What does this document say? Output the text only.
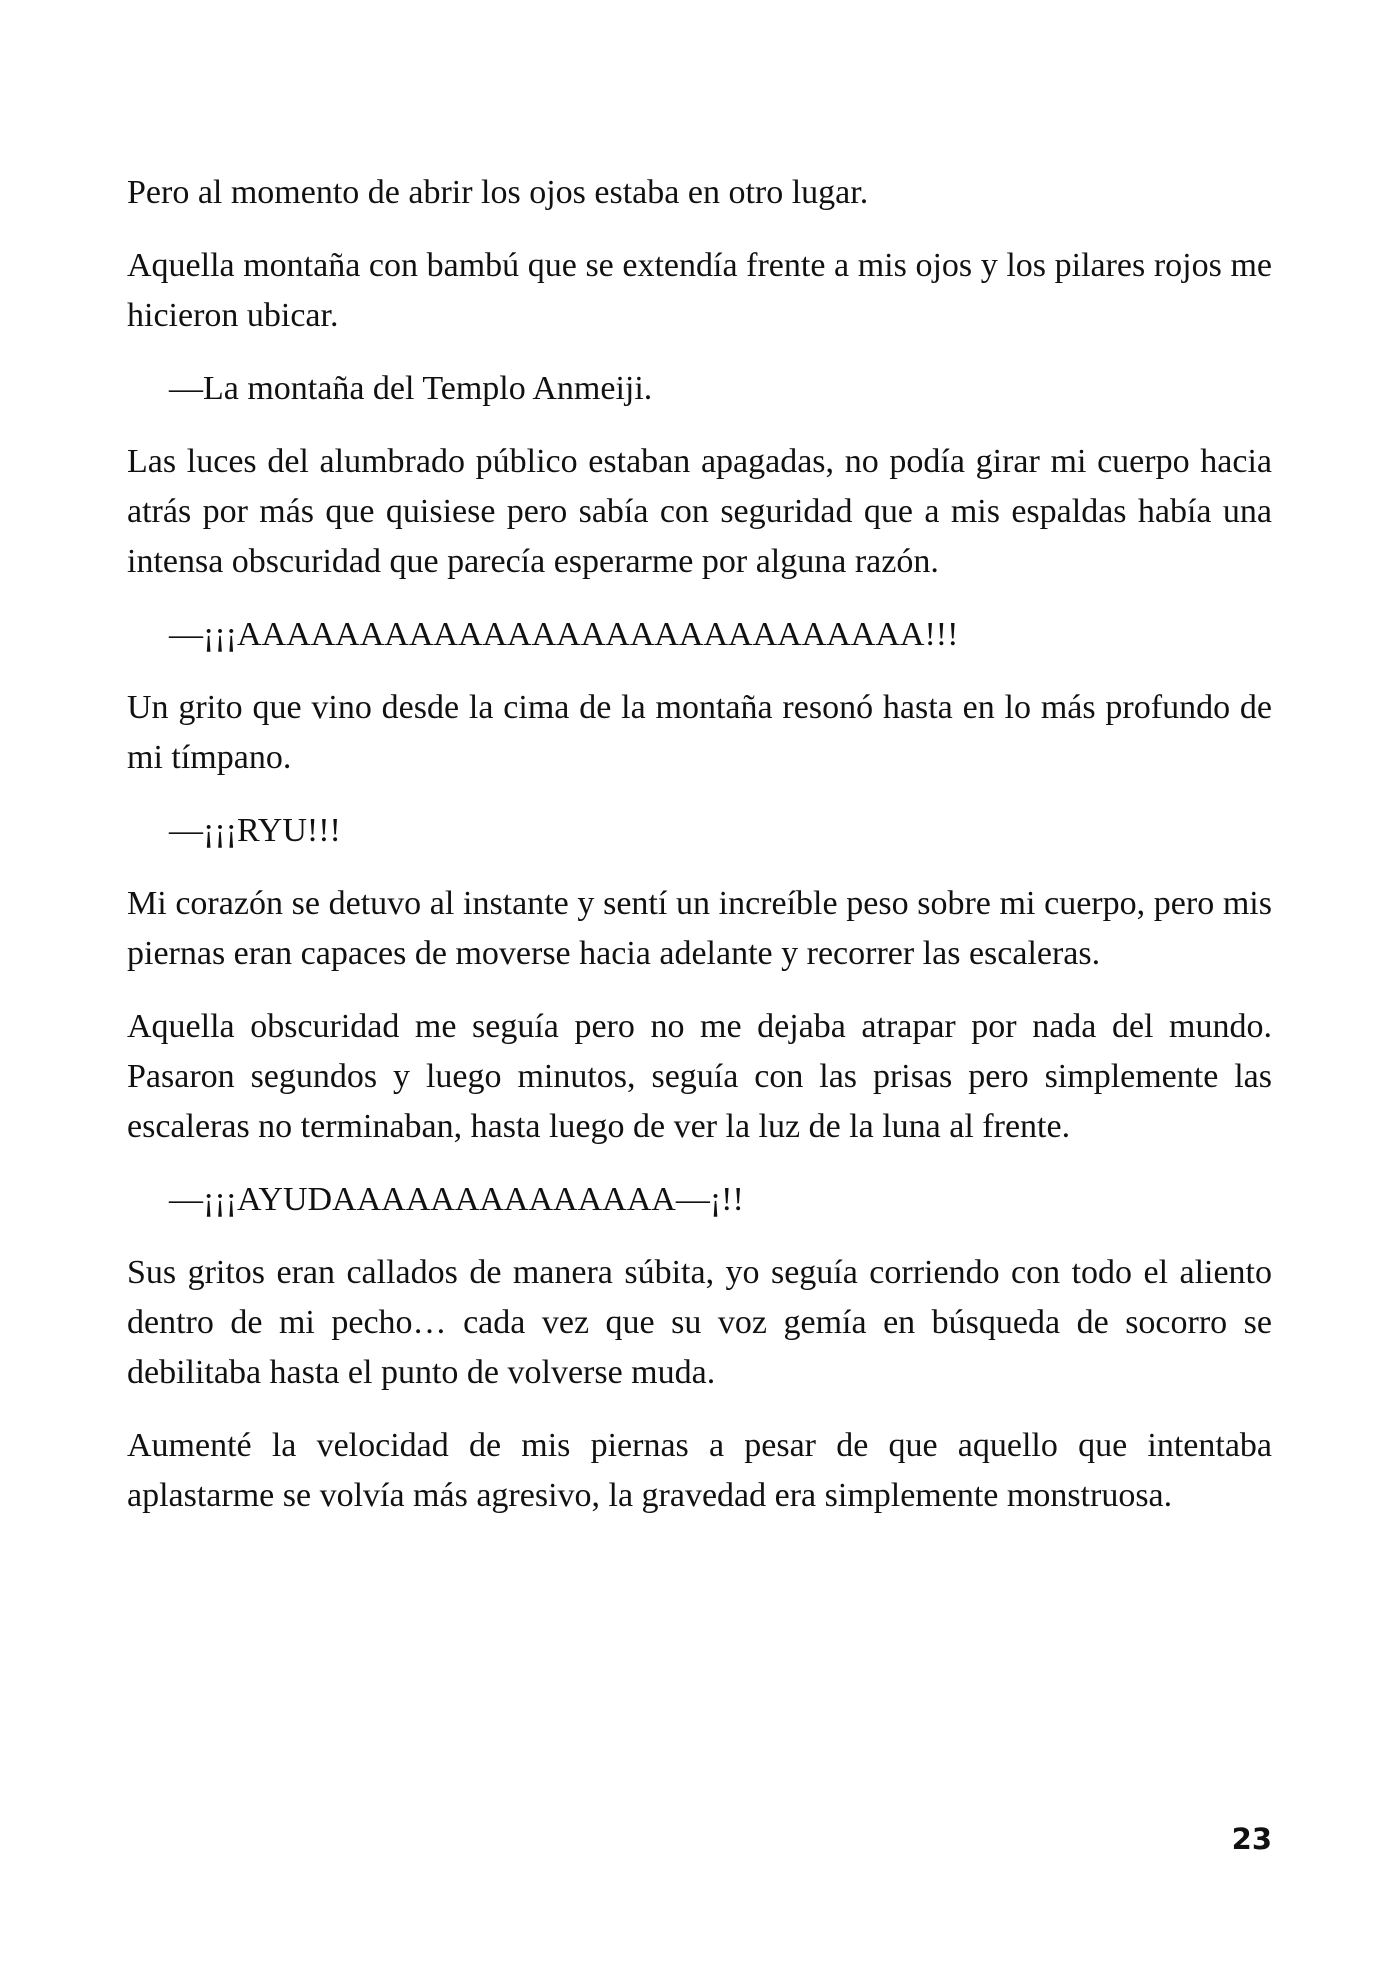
Pero al momento de abrir los ojos estaba en otro lugar.

Aquella montaña con bambú que se extendía frente a mis ojos y los pilares rojos me hicieron ubicar.

—La montaña del Templo Anmeiji.

Las luces del alumbrado público estaban apagadas, no podía girar mi cuerpo hacia atrás por más que quisiese pero sabía con seguridad que a mis espaldas había una intensa obscuridad que parecía esperarme por alguna razón.

—¡¡¡AAAAAAAAAAAAAAAAAAAAAAAAAAAA!!!

Un grito que vino desde la cima de la montaña resonó hasta en lo más profundo de mi tímpano.

—¡¡¡RYU!!!

Mi corazón se detuvo al instante y sentí un increíble peso sobre mi cuerpo, pero mis piernas eran capaces de moverse hacia adelante y recorrer las escaleras.

Aquella obscuridad me seguía pero no me dejaba atrapar por nada del mundo. Pasaron segundos y luego minutos, seguía con las prisas pero simplemente las escaleras no terminaban, hasta luego de ver la luz de la luna al frente.

—¡¡¡AYUDAAAAAAAAAAAAAA—¡!!

Sus gritos eran callados de manera súbita, yo seguía corriendo con todo el aliento dentro de mi pecho… cada vez que su voz gemía en búsqueda de socorro se debilitaba hasta el punto de volverse muda.

Aumenté la velocidad de mis piernas a pesar de que aquello que intentaba aplastarme se volvía más agresivo, la gravedad era simplemente monstruosa.

23
